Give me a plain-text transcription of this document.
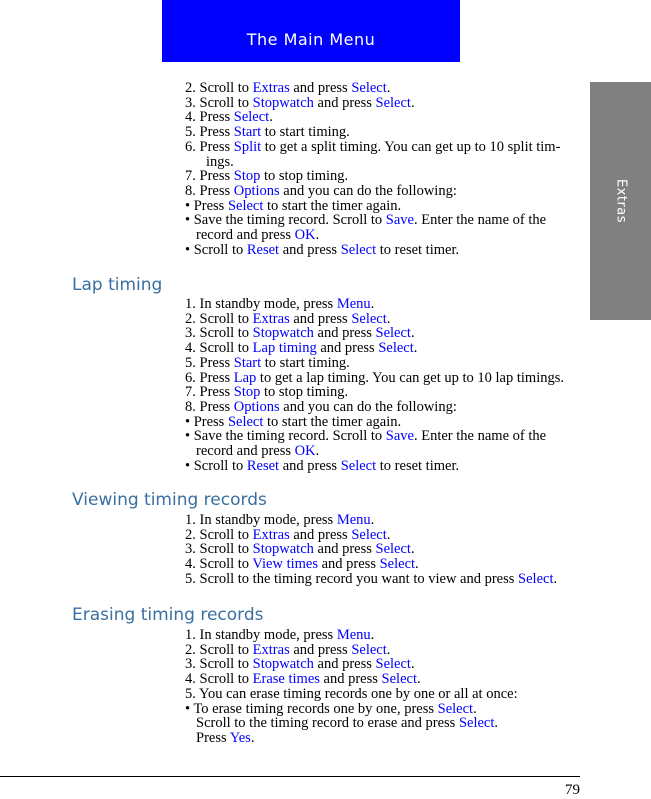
The Main Menu
Extras
2. Scroll to Extras and press Select.
3. Scroll to Stopwatch and press Select.
4. Press Select.
5. Press Start to start timing.
6. Press Split to get a split timing. You can get up to 10 split tim-
ings.
7. Press Stop to stop timing.
8. Press Options and you can do the following:
• Press Select to start the timer again.
• Save the timing record. Scroll to Save. Enter the name of the
record and press OK.
• Scroll to Reset and press Select to reset timer.
Lap timing
1. In standby mode, press Menu.
2. Scroll to Extras and press Select.
3. Scroll to Stopwatch and press Select.
4. Scroll to Lap timing and press Select.
5. Press Start to start timing.
6. Press Lap to get a lap timing. You can get up to 10 lap timings.
7. Press Stop to stop timing.
8. Press Options and you can do the following:
• Press Select to start the timer again.
• Save the timing record. Scroll to Save. Enter the name of the
record and press OK.
• Scroll to Reset and press Select to reset timer.
Viewing timing records
1. In standby mode, press Menu.
2. Scroll to Extras and press Select.
3. Scroll to Stopwatch and press Select.
4. Scroll to View times and press Select.
5. Scroll to the timing record you want to view and press Select.
Erasing timing records
1. In standby mode, press Menu.
2. Scroll to Extras and press Select.
3. Scroll to Stopwatch and press Select.
4. Scroll to Erase times and press Select.
5. You can erase timing records one by one or all at once:
• To erase timing records one by one, press Select.
Scroll to the timing record to erase and press Select.
Press Yes.
79
